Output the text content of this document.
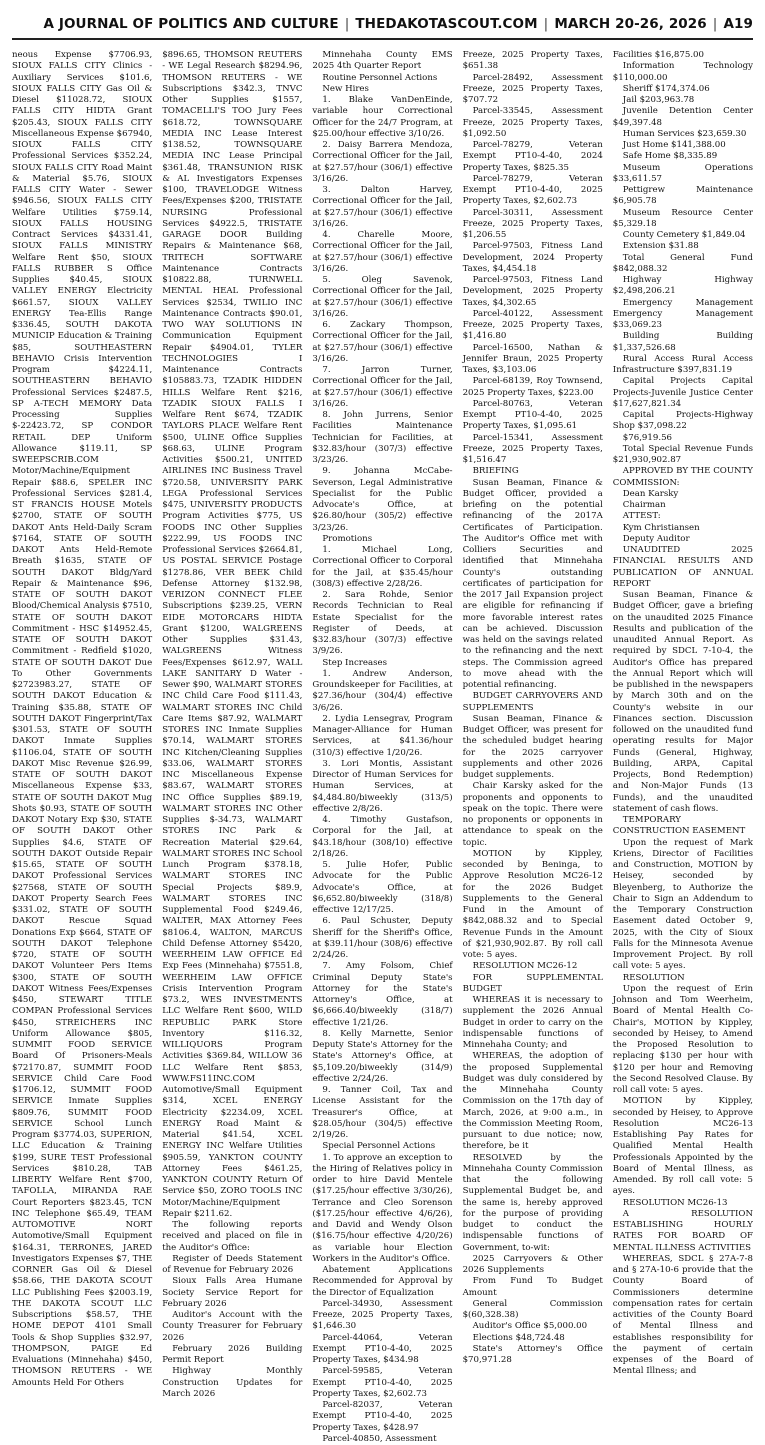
A JOURNAL OF POLITICS AND CULTURE | THEDAKOTASCOUT.COM | MARCH 20-26, 2026 | A19

neous Expense $7706.93, SIOUX FALLS CITY Clinics - Auxiliary Services $101.6, SIOUX FALLS CITY Gas Oil & Diesel $11028.72, SIOUX FALLS CITY HIDTA Grant $205.43, SIOUX FALLS CITY Miscellaneous Expense $67940, SIOUX FALLS CITY Professional Services $352.24, SIOUX FALLS CITY Road Maint & Material $5.76, SIOUX FALLS CITY Water - Sewer $946.56, SIOUX FALLS CITY Welfare Utilities $759.14, SIOUX FALLS HOUSING Contract Services $4331.41, SIOUX FALLS MINISTRY Welfare Rent $50, SIOUX FALLS RUBBER S Office Supplies $40.45, SIOUX VALLEY ENERGY Electricity $661.57, SIOUX VALLEY ENERGY Tea-Ellis Range $336.45, SOUTH DAKOTA MUNICIP Education & Training $85, SOUTHEASTERN BEHAVIO Crisis Intervention Program $4224.11, SOUTHEASTERN BEHAVIO Professional Services $2487.5, SP A-TECH MEMORY Data Processing Supplies $-22423.72, SP CONDOR RETAIL DEP Uniform Allowance $119.11, SP SWEEPSCRIB.COM Motor/Machine/Equipment Repair $88.6, SPELER INC Professional Services $281.4, ST FRANCIS HOUSE Motels $2700, STATE OF SOUTH DAKOT Ants Held-Daily Scram $7164, STATE OF SOUTH DAKOT Ants Held-Remote Breath $1635, STATE OF SOUTH DAKOT Bldg/Yard Repair & Maintenance $96, STATE OF SOUTH DAKOT Blood/Chemical Analysis $7510, STATE OF SOUTH DAKOT Commitment - HSC $14952.45, STATE OF SOUTH DAKOT Commitment - Redfield $1020, STATE OF SOUTH DAKOT Due To Other Governments $2723983.27, STATE OF SOUTH DAKOT Education & Training $35.88, STATE OF SOUTH DAKOT Fingerprint/Tax $301.53, STATE OF SOUTH DAKOT Inmate Supplies $1106.04, STATE OF SOUTH DAKOT Misc Revenue $26.99, STATE OF SOUTH DAKOT Miscellaneous Expense $33, STATE OF SOUTH DAKOT Mug Shots $0.93, STATE OF SOUTH DAKOT Notary Exp $30, STATE OF SOUTH DAKOT Other Supplies $4.6, STATE OF SOUTH DAKOT Outside Repair $15.65, STATE OF SOUTH DAKOT Professional Services $27568, STATE OF SOUTH DAKOT Property Search Fees $331.02, STATE OF SOUTH DAKOT Rescue Squad Donations Exp $664, STATE OF SOUTH DAKOT Telephone $720, STATE OF SOUTH DAKOT Volunteer Pers Items $300, STATE OF SOUTH DAKOT Witness Fees/Expenses $450, STEWART TITLE COMPAN Professional Services $450, STREICHERS INC Uniform Allowance $805, SUMMIT FOOD SERVICE Board Of Prisoners-Meals $72170.87, SUMMIT FOOD SERVICE Child Care Food $1706.12, SUMMIT FOOD SERVICE Inmate Supplies $809.76, SUMMIT FOOD SERVICE School Lunch Program $3774.03, SUPERION, LLC Education & Training $199, SURE TEST Professional Services $810.28, TAB LIBERTY Welfare Rent $700, TAFOLLA, MIRANDA RAE Court Reporters $823.45, TCN INC Telephone $65.49, TEAM AUTOMOTIVE NORT Automotive/Small Equipment $164.31, TERRONES, JARED Investigators Expenses $7, THE CORNER Gas Oil & Diesel $58.66, THE DAKOTA SCOUT LLC Publishing Fees $2003.19, THE DAKOTA SCOUT LLC Subscriptions $58.57, THE HOME DEPOT 4101 Small Tools & Shop Supplies $32.97, THOMPSON, PAIGE Ed Evaluations (Minnehaha) $450, THOMSON REUTERS - WE Amounts Held For Others

$896.65, THOMSON REUTERS - WE Legal Research $8294.96, THOMSON REUTERS - WE Subscriptions $342.3, TNVC Other Supplies $1557, TOMACELLI'S TOO Jury Fees $618.72, TOWNSQUARE MEDIA INC Lease Interest $138.52, TOWNSQUARE MEDIA INC Lease Principal $361.48, TRANSUNION RISK & AL Investigators Expenses $100, TRAVELODGE Witness Fees/Expenses $200, TRISTATE NURSING Professional Services $4922.5, TRISTATE GARAGE DOOR Building Repairs & Maintenance $68, TRITECH SOFTWARE Maintenance Contracts $10822.88, TURNWELL MENTAL HEAL Professional Services $2534, TWILIO INC Maintenance Contracts $90.01, TWO WAY SOLUTIONS IN Communication Equipment Repair $4904.01, TYLER TECHNOLOGIES I Maintenance Contracts $105883.73, TZADIK HIDDEN HILLS Welfare Rent $216, TZADIK SIOUX FALLS I Welfare Rent $674, TZADIK TAYLORS PLACE Welfare Rent $500, ULINE Office Supplies $68.63, ULINE Program Activities $500.21, UNITED AIRLINES INC Business Travel $720.58, UNIVERSITY PARK LEGA Professional Services $475, UNIVERSITY PRODUCTS Program Activities $775, US FOODS INC Other Supplies $222.99, US FOODS INC Professional Services $2664.81, US POSTAL SERVICE Postage $1278.86, VER BEEK Child Defense Attorney $132.98, VERIZON CONNECT FLEE Subscriptions $239.25, VERN EIDE MOTORCARS HIDTA Grant $1200, WALGREENS Other Supplies $31.43, WALGREENS Witness Fees/Expenses $612.97, WALL LAKE SANITARY D Water - Sewer $90, WALMART STORES INC Child Care Food $111.43, WALMART STORES INC Child Care Items $87.92, WALMART STORES INC Inmate Supplies $70.14, WALMART STORES INC Kitchen/Cleaning Supplies $33.06, WALMART STORES INC Miscellaneous Expense $83.67, WALMART STORES INC Office Supplies $89.19, WALMART STORES INC Other Supplies $-34.73, WALMART STORES INC Park & Recreation Material $29.64, WALMART STORES INC School Lunch Program $378.18, WALMART STORES INC Special Projects $89.9, WALMART STORES INC Supplemental Food $249.46, WALTER, MAX Attorney Fees $8106.4, WALTON, MARCUS Child Defense Attorney $5420, WEERHEIM LAW OFFICE Ed Exp Fees (Minnehaha) $7551.8, WEERHEIM LAW OFFICE Crisis Intervention Program $73.2, WES INVESTMENTS LLC Welfare Rent $600, WILD REPUBLIC PARK Store Inventory $116.32, WILLIQUORS Program Activities $369.84, WILLOW 36 LLC Welfare Rent $853, WWW.FS11INC.COM Automotive/Small Equipment $314, XCEL ENERGY Electricity $2234.09, XCEL ENERGY Road Maint & Material $41.54, XCEL ENERGY INC Welfare Utilities $905.59, YANKTON COUNTY Attorney Fees $461.25, YANKTON COUNTY Return Of Service $50, ZORO TOOLS INC Motor/Machine/Equipment Repair $211.62.

The following reports received and placed on file in the Auditor's Office:

Register of Deeds Statement of Revenue for February 2026

Sioux Falls Area Humane Society Service Report for February 2026

Auditor's Account with the County Treasurer for February 2026

February 2026 Building Permit Report

Highway Monthly Construction Updates for March 2026

Minnehaha County EMS 2025 4th Quarter Report

Routine Personnel Actions

New Hires

1. Blake VanDenEinde, variable hour Correctional Officer for the 24/7 Program, at $25.00/hour effective 3/10/26.

2. Daisy Barrera Mendoza, Correctional Officer for the Jail, at $27.57/hour (306/1) effective 3/16/26.

3. Dalton Harvey, Correctional Officer for the Jail, at $27.57/hour (306/1) effective 3/16/26.

4. Charelle Moore, Correctional Officer for the Jail, at $27.57/hour (306/1) effective 3/16/26.

5. Oleg Savenok, Correctional Officer for the Jail, at $27.57/hour (306/1) effective 3/16/26.

6. Zackary Thompson, Correctional Officer for the Jail, at $27.57/hour (306/1) effective 3/16/26.

7. Jarron Turner, Correctional Officer for the Jail, at $27.57/hour (306/1) effective 3/16/26.

8. John Jurrens, Senior Facilities Maintenance Technician for Facilities, at $32.83/hour (307/3) effective 3/23/26.

9. Johanna McCabe-Severson, Legal Administrative Specialist for the Public Advocate's Office, at $26.80/hour (305/2) effective 3/23/26.

Promotions

1. Michael Long, Correctional Officer to Corporal for the Jail, at $35.45/hour (308/3) effective 2/28/26.

2. Sara Rohde, Senior Records Technician to Real Estate Specialist for the Register of Deeds, at $32.83/hour (307/3) effective 3/9/26.

Step Increases

1. Andrew Anderson, Groundskeeper for Facilities, at $27.36/hour (304/4) effective 3/6/26.

2. Lydia Lensegrav, Program Manager-Alliance for Human Services, at $41.36/hour (310/3) effective 1/20/26.

3. Lori Montis, Assistant Director of Human Services for Human Services, at $4,484.80/biweekly (313/5) effective 2/8/26.

4. Timothy Gustafson, Corporal for the Jail, at $43.18/hour (308/10) effective 2/18/26.

5. Julie Hofer, Public Advocate for the Public Advocate's Office, at $6,652.80/biweekly (318/8) effective 12/17/25.

6. Paul Schuster, Deputy Sheriff for the Sheriff's Office, at $39.11/hour (308/6) effective 2/24/26.

7. Amy Folsom, Chief Criminal Deputy State's Attorney for the State's Attorney's Office, at $6,666.40/biweekly (318/7) effective 1/21/26.

8. Kelly Marnette, Senior Deputy State's Attorney for the State's Attorney's Office, at $5,109.20/biweekly (314/9) effective 2/24/26.

9. Tanner Coil, Tax and License Assistant for the Treasurer's Office, at $28.05/hour (304/5) effective 2/19/26.

Special Personnel Actions

1. To approve an exception to the Hiring of Relatives policy in order to hire David Mentele ($17.25/hour effective 3/30/26), Terrance and Cleo Sorenson ($17.25/hour effective 4/6/26), and David and Wendy Olson ($16.75/hour effective 4/20/26) as variable hour Election Workers in the Auditor's Office.

Abatement Applications Recommended for Approval by the Director of Equalization

Parcel-34930, Assessment Freeze, 2025 Property Taxes, $1,646.30

Parcel-44064, Veteran Exempt PT10-4-40, 2025 Property Taxes, $434.98

Parcel-59585, Veteran Exempt PT10-4-40, 2025 Property Taxes, $2,602.73

Parcel-82037, Veteran Exempt PT10-4-40, 2025 Property Taxes, $428.97

Parcel-40850, Assessment

Freeze, 2025 Property Taxes, $651.38

Parcel-28492, Assessment Freeze, 2025 Property Taxes, $707.72

Parcel-33545, Assessment Freeze, 2025 Property Taxes, $1,092.50

Parcel-78279, Veteran Exempt PT10-4-40, 2024 Property Taxes, $825.35

Parcel-78279, Veteran Exempt PT10-4-40, 2025 Property Taxes, $2,602.73

Parcel-30311, Assessment Freeze, 2025 Property Taxes, $1,206.55

Parcel-97503, Fitness Land Development, 2024 Property Taxes, $4,454.18

Parcel-97503, Fitness Land Development, 2025 Property Taxes, $4,302.65

Parcel-40122, Assessment Freeze, 2025 Property Taxes, $1,416.80

Parcel-16500, Nathan & Jennifer Braun, 2025 Property Taxes, $3,103.06

Parcel-68139, Roy Townsend, 2025 Property Taxes, $223.00

Parcel-80763, Veteran Exempt PT10-4-40, 2025 Property Taxes, $1,095.61

Parcel-15341, Assessment Freeze, 2025 Property Taxes, $1,516.47

BRIEFING

Susan Beaman, Finance & Budget Officer, provided a briefing on the potential refinancing of the 2017A Certificates of Participation. The Auditor's Office met with Colliers Securities and identified that Minnehaha County's outstanding certificates of participation for the 2017 Jail Expansion project are eligible for refinancing if more favorable interest rates can be achieved. Discussion was held on the savings related to the refinancing and the next steps. The Commission agreed to move ahead with the potential refinancing.

BUDGET CARRYOVERS AND SUPPLEMENTS

Susan Beaman, Finance & Budget Officer, was present for the scheduled budget hearing for the 2025 carryover supplements and other 2026 budget supplements.

Chair Karsky asked for the proponents and opponents to speak on the topic. There were no proponents or opponents in attendance to speak on the topic.

MOTION by Kippley, seconded by Beninga, to Approve Resolution MC26-12 for the 2026 Budget Supplements to the General Fund in the Amount of $842,088.32 and to Special Revenue Funds in the Amount of $21,930,902.87. By roll call vote: 5 ayes.

RESOLUTION MC26-12

FOR SUPPLEMENTAL BUDGET

WHEREAS it is necessary to supplement the 2026 Annual Budget in order to carry on the indispensable functions of Minnehaha County; and

WHEREAS, the adoption of the proposed Supplemental Budget was duly considered by the Minnehaha County Commission on the 17th day of March, 2026, at 9:00 a.m., in the Commission Meeting Room, pursuant to due notice; now, therefore, be it

RESOLVED by the Minnehaha County Commission that the following Supplemental Budget be, and the same is, hereby approved for the purpose of providing budget to conduct the indispensable functions of Government, to-wit:

2025 Carryovers & Other 2026 Supplements

From Fund To Budget Amount

General Commission $(60,328.38)

Auditor's Office $5,000.00

Elections $48,724.48

State's Attorney's Office $70,971.28

Facilities $16,875.00

Information Technology $110,000.00

Sheriff $174,374.06

Jail $203,963.78

Juvenile Detention Center $49,397.48

Human Services $23,659.30

Just Home $141,388.00

Safe Home $8,335.89

Museum Operations $33,611.57

Pettigrew Maintenance $6,905.78

Museum Resource Center $5,329.18

County Cemetery $1,849.04

Extension $31.88

Total General Fund $842,088.32

Highway Highway $2,498,206.21

Emergency Management Emergency Management $33,069.23

Building Building $1,337,526.68

Rural Access Rural Access Infrastructure $397,831.19

Capital Projects Capital Projects-Juvenile Justice Center $17,627,821.34

Capital Projects-Highway Shop $37,098.22

$76,919.56

Total Special Revenue Funds $21,930,902.87

APPROVED BY THE COUNTY COMMISSION:

Dean Karsky

Chairman

ATTEST:

Kym Christiansen

Deputy Auditor

UNAUDITED 2025 FINANCIAL RESULTS AND PUBLICATION OF ANNUAL REPORT

Susan Beaman, Finance & Budget Officer, gave a briefing on the unaudited 2025 Finance Results and publication of the unaudited Annual Report. As required by SDCL 7-10-4, the Auditor's Office has prepared the Annual Report which will be published in the newspapers by March 30th and on the County's website in our Finances section. Discussion followed on the unaudited fund operating results for Major Funds (General, Highway, Building, ARPA, Capital Projects, Bond Redemption) and Non-Major Funds (13 Funds), and the unaudited statement of cash flows.

TEMPORARY CONSTRUCTION EASEMENT

Upon the request of Mark Kriens, Director of Facilities and Construction, MOTION by Heisey, seconded by Bleyenberg, to Authorize the Chair to Sign an Addendum to the Temporary Construction Easement dated October 9, 2025, with the City of Sioux Falls for the Minnesota Avenue Improvement Project. By roll call vote: 5 ayes.

RESOLUTION

Upon the request of Erin Johnson and Tom Weerheim, Board of Mental Health Co-Chair's, MOTION by Kippley, seconded by Heisey, to Amend the Proposed Resolution to replacing $130 per hour with $120 per hour and Removing the Second Resolved Clause. By roll call vote: 5 ayes.

MOTION by Kippley, seconded by Heisey, to Approve Resolution MC26-13 Establishing Pay Rates for Qualified Mental Health Professionals Appointed by the Board of Mental Illness, as Amended. By roll call vote: 5 ayes.

RESOLUTION MC26-13

A RESOLUTION ESTABLISHING HOURLY RATES FOR BOARD OF MENTAL ILLNESS ACTIVITIES

WHEREAS, SDCL § 27A-7-8 and § 27A-10-6 provide that the County Board of Commissioners determine compensation rates for certain activities of the County Board of Mental Illness and establishes responsibility for the payment of certain expenses of the Board of Mental Illness; and
